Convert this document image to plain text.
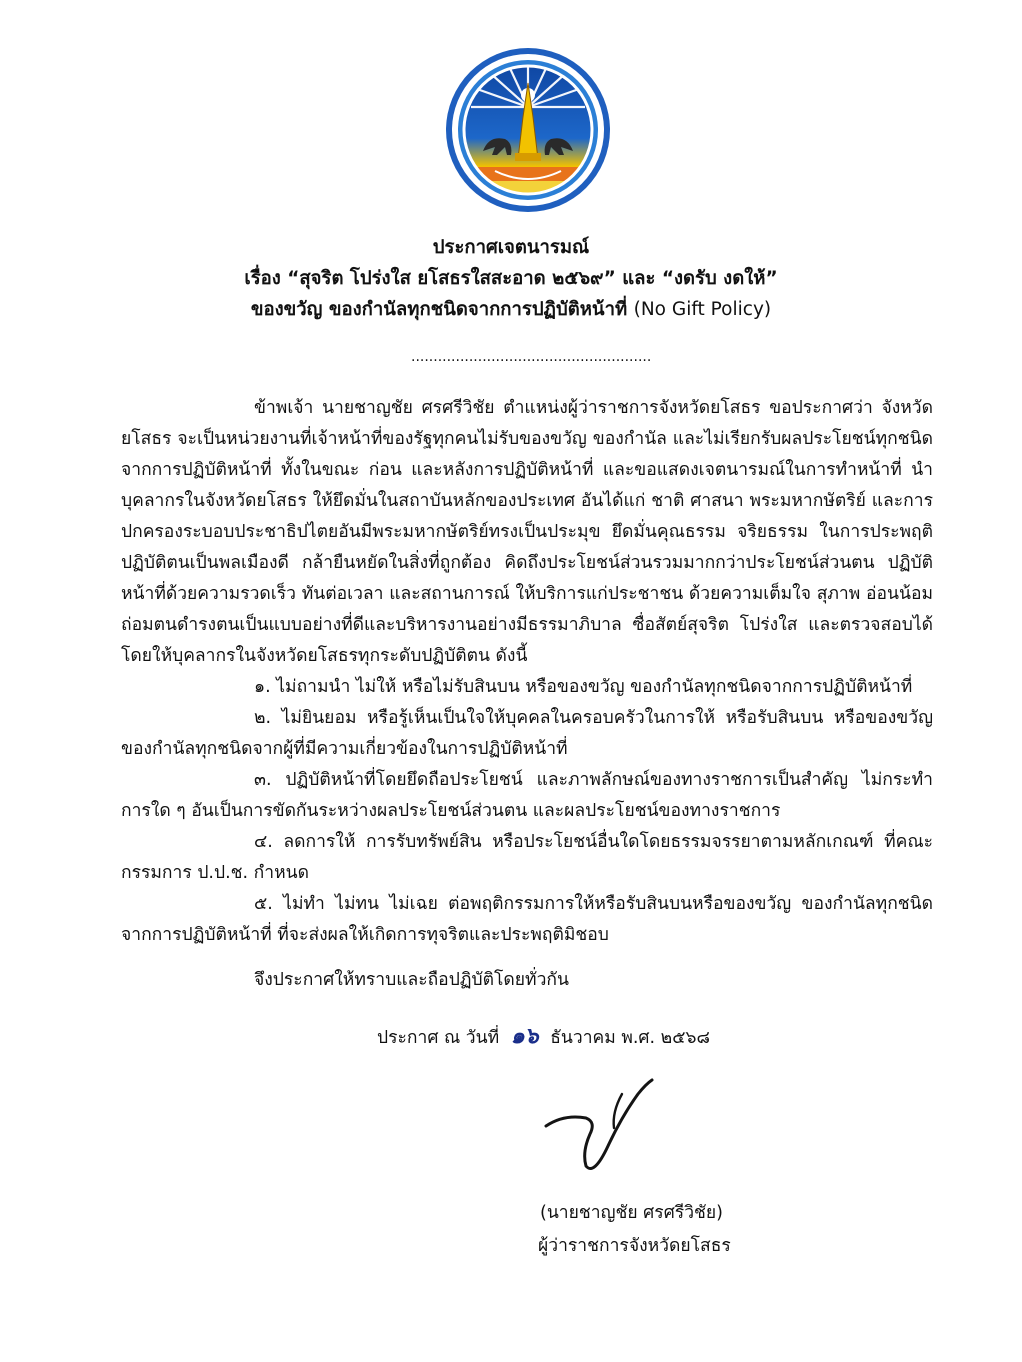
ประกาศเจตนารมณ์

เรื่อง “สุจริต โปร่งใส ยโสธรใสสะอาด ๒๕๖๙” และ “งดรับ งดให้”

ของขวัญ ของกำนัลทุกชนิดจากการปฏิบัติหน้าที่ (No Gift Policy)

......................................................

ข้าพเจ้า นายชาญชัย ศรศรีวิชัย ตำแหน่งผู้ว่าราชการจังหวัดยโสธร ขอประกาศว่า จังหวัดยโสธร จะเป็นหน่วยงานที่เจ้าหน้าที่ของรัฐทุกคนไม่รับของขวัญ ของกำนัล และไม่เรียกรับผลประโยชน์ทุกชนิด จากการปฏิบัติหน้าที่ ทั้งในขณะ ก่อน และหลังการปฏิบัติหน้าที่ และขอแสดงเจตนารมณ์ในการทำหน้าที่ นำบุคลากรในจังหวัดยโสธร ให้ยึดมั่นในสถาบันหลักของประเทศ อันได้แก่ ชาติ ศาสนา พระมหากษัตริย์ และการปกครองระบอบประชาธิปไตยอันมีพระมหากษัตริย์ทรงเป็นประมุข ยึดมั่นคุณธรรม จริยธรรม ในการประพฤติปฏิบัติตนเป็นพลเมืองดี กล้ายืนหยัดในสิ่งที่ถูกต้อง คิดถึงประโยชน์ส่วนรวมมากกว่าประโยชน์ส่วนตน ปฏิบัติหน้าที่ด้วยความรวดเร็ว ทันต่อเวลา และสถานการณ์ ให้บริการแก่ประชาชน ด้วยความเต็มใจ สุภาพ อ่อนน้อมถ่อมตนดำรงตนเป็นแบบอย่างที่ดีและบริหารงานอย่างมีธรรมาภิบาล ซื่อสัตย์สุจริต โปร่งใส และตรวจสอบได้ โดยให้บุคลากรในจังหวัดยโสธรทุกระดับปฏิบัติตน ดังนี้

๑. ไม่ถามนำ ไม่ให้ หรือไม่รับสินบน หรือของขวัญ ของกำนัลทุกชนิดจากการปฏิบัติหน้าที่

๒. ไม่ยินยอม หรือรู้เห็นเป็นใจให้บุคคลในครอบครัวในการให้ หรือรับสินบน หรือของขวัญ ของกำนัลทุกชนิดจากผู้ที่มีความเกี่ยวข้องในการปฏิบัติหน้าที่

๓. ปฏิบัติหน้าที่โดยยึดถือประโยชน์ และภาพลักษณ์ของทางราชการเป็นสำคัญ ไม่กระทำการใด ๆ อันเป็นการขัดกันระหว่างผลประโยชน์ส่วนตน และผลประโยชน์ของทางราชการ

๔. ลดการให้ การรับทรัพย์สิน หรือประโยชน์อื่นใดโดยธรรมจรรยาตามหลักเกณฑ์ ที่คณะกรรมการ ป.ป.ช. กำหนด

๕. ไม่ทำ ไม่ทน ไม่เฉย ต่อพฤติกรรมการให้หรือรับสินบนหรือของขวัญ ของกำนัลทุกชนิด จากการปฏิบัติหน้าที่ ที่จะส่งผลให้เกิดการทุจริตและประพฤติมิชอบ

จึงประกาศให้ทราบและถือปฏิบัติโดยทั่วกัน
ประกาศ ณ วันที่ ๑๖ ธันวาคม พ.ศ. ๒๕๖๘
(นายชาญชัย ศรศรีวิชัย)
ผู้ว่าราชการจังหวัดยโสธร
